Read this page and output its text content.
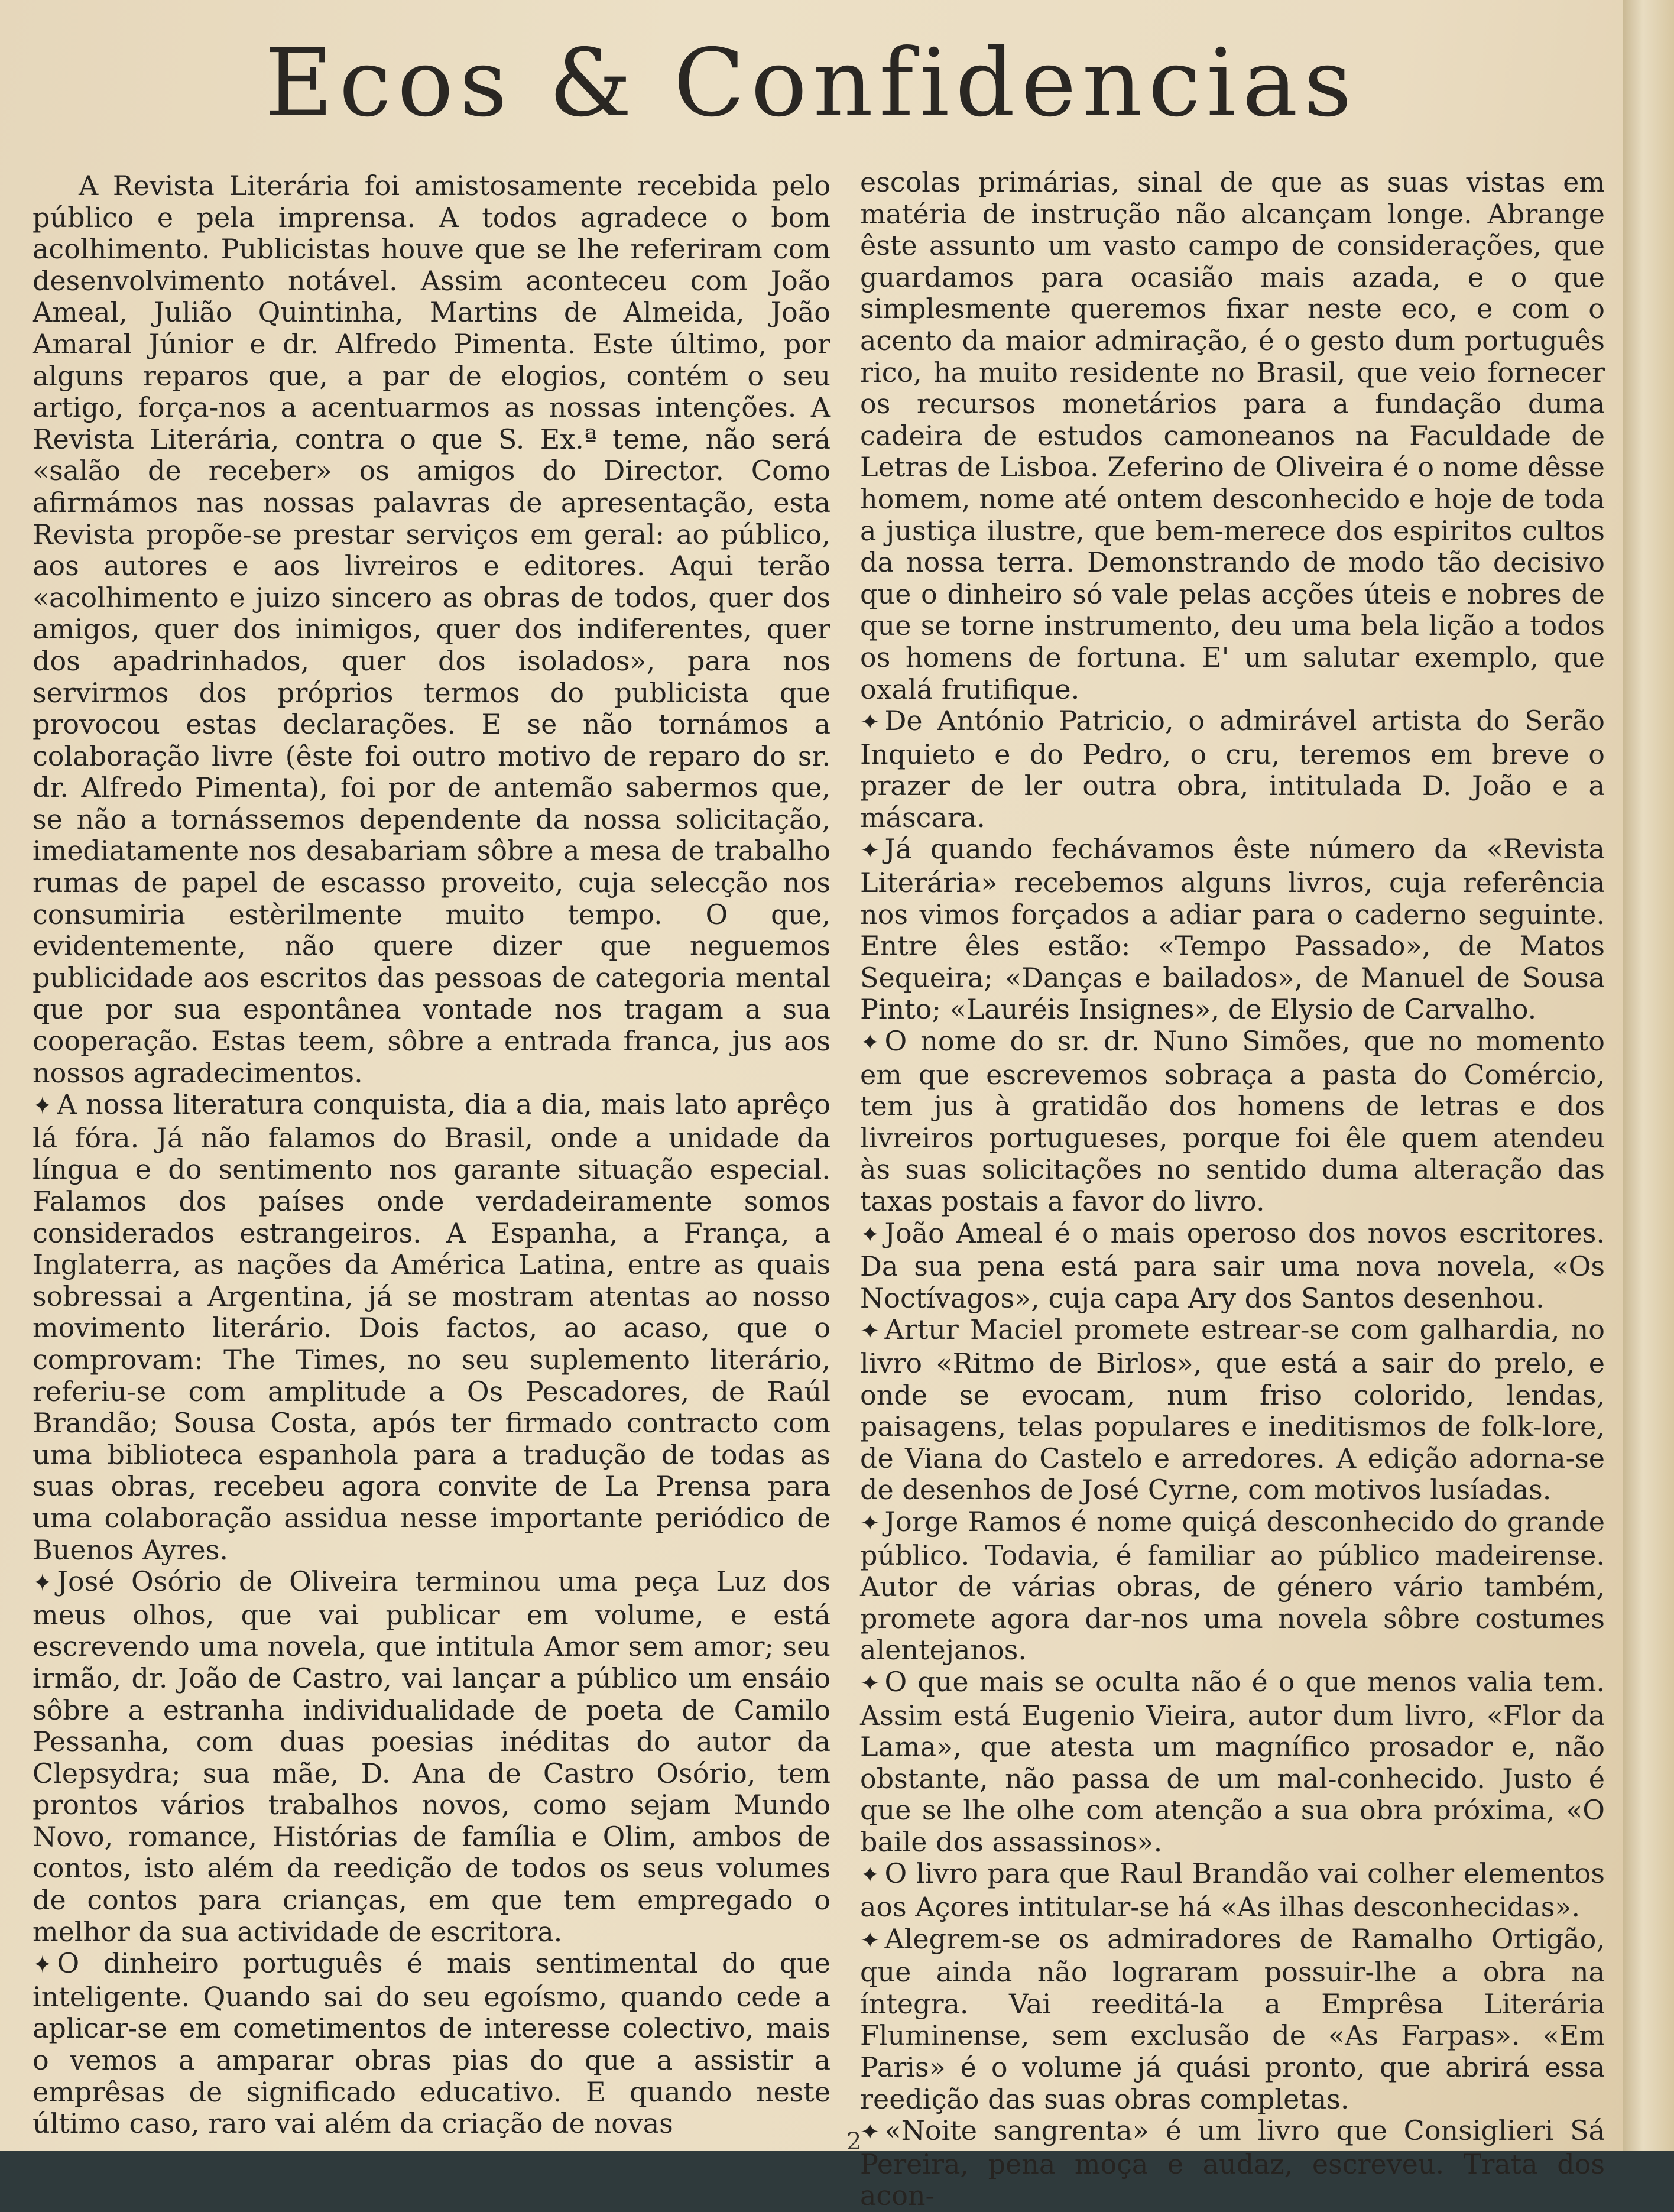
Ecos & Confidencias

A Revista Literária foi amistosamente recebida pelo público e pela imprensa. A todos agradece o bom acolhimento. Publicistas houve que se lhe referiram com desenvolvimento notável. Assim aconteceu com João Ameal, Julião Quintinha, Martins de Almeida, João Amaral Júnior e dr. Alfredo Pimenta. Este último, por alguns reparos que, a par de elogios, contém o seu artigo, força-nos a acentuarmos as nossas intenções. A Revista Literária, contra o que S. Ex.ª teme, não será «salão de receber» os amigos do Director. Como afirmámos nas nossas palavras de apresentação, esta Revista propõe-se prestar serviços em geral: ao público, aos autores e aos livreiros e editores. Aqui terão «acolhimento e juizo sincero as obras de todos, quer dos amigos, quer dos inimigos, quer dos indiferentes, quer dos apadrinhados, quer dos isolados», para nos servirmos dos próprios termos do publicista que provocou estas declarações. E se não tornámos a colaboração livre (êste foi outro motivo de reparo do sr. dr. Alfredo Pimenta), foi por de antemão sabermos que, se não a tornássemos dependente da nossa solicitação, imediatamente nos desabariam sôbre a mesa de trabalho rumas de papel de escasso proveito, cuja selecção nos consumiria estèrilmente muito tempo. O que, evidentemente, não quere dizer que neguemos publicidade aos escritos das pessoas de categoria mental que por sua espontânea vontade nos tragam a sua cooperação. Estas teem, sôbre a entrada franca, jus aos nossos agradecimentos.

✦ A nossa literatura conquista, dia a dia, mais lato aprêço lá fóra. Já não falamos do Brasil, onde a unidade da língua e do sentimento nos garante situação especial. Falamos dos países onde verdadeiramente somos considerados estrangeiros. A Espanha, a França, a Inglaterra, as nações da América Latina, entre as quais sobressai a Argentina, já se mostram atentas ao nosso movimento literário. Dois factos, ao acaso, que o comprovam: The Times, no seu suplemento literário, referiu-se com amplitude a Os Pescadores, de Raúl Brandão; Sousa Costa, após ter firmado contracto com uma biblioteca espanhola para a tradução de todas as suas obras, recebeu agora convite de La Prensa para uma colaboração assidua nesse importante periódico de Buenos Ayres.

✦ José Osório de Oliveira terminou uma peça Luz dos meus olhos, que vai publicar em volume, e está escrevendo uma novela, que intitula Amor sem amor; seu irmão, dr. João de Castro, vai lançar a público um ensáio sôbre a estranha individualidade de poeta de Camilo Pessanha, com duas poesias inéditas do autor da Clepsydra; sua mãe, D. Ana de Castro Osório, tem prontos vários trabalhos novos, como sejam Mundo Novo, romance, Histórias de família e Olim, ambos de contos, isto além da reedição de todos os seus volumes de contos para crianças, em que tem empregado o melhor da sua actividade de escritora.

✦ O dinheiro português é mais sentimental do que inteligente. Quando sai do seu egoísmo, quando cede a aplicar-se em cometimentos de interesse colectivo, mais o vemos a amparar obras pias do que a assistir a emprêsas de significado educativo. E quando neste último caso, raro vai além da criação de novas

escolas primárias, sinal de que as suas vistas em matéria de instrução não alcançam longe. Abrange êste assunto um vasto campo de considerações, que guardamos para ocasião mais azada, e o que simplesmente queremos fixar neste eco, e com o acento da maior admiração, é o gesto dum português rico, ha muito residente no Brasil, que veio fornecer os recursos monetários para a fundação duma cadeira de estudos camoneanos na Faculdade de Letras de Lisboa. Zeferino de Oliveira é o nome dêsse homem, nome até ontem desconhecido e hoje de toda a justiça ilustre, que bem-merece dos espiritos cultos da nossa terra. Demonstrando de modo tão decisivo que o dinheiro só vale pelas acções úteis e nobres de que se torne instrumento, deu uma bela lição a todos os homens de fortuna. E' um salutar exemplo, que oxalá frutifique.

✦ De António Patricio, o admirável artista do Serão Inquieto e do Pedro, o cru, teremos em breve o prazer de ler outra obra, intitulada D. João e a máscara.

✦ Já quando fechávamos êste número da «Revista Literária» recebemos alguns livros, cuja referência nos vimos forçados a adiar para o caderno seguinte. Entre êles estão: «Tempo Passado», de Matos Sequeira; «Danças e bailados», de Manuel de Sousa Pinto; «Lauréis Insignes», de Elysio de Carvalho.

✦ O nome do sr. dr. Nuno Simões, que no momento em que escrevemos sobraça a pasta do Comércio, tem jus à gratidão dos homens de letras e dos livreiros portugueses, porque foi êle quem atendeu às suas solicitações no sentido duma alteração das taxas postais a favor do livro.

✦ João Ameal é o mais operoso dos novos escritores. Da sua pena está para sair uma nova novela, «Os Noctívagos», cuja capa Ary dos Santos desenhou.

✦ Artur Maciel promete estrear-se com galhardia, no livro «Ritmo de Birlos», que está a sair do prelo, e onde se evocam, num friso colorido, lendas, paisagens, telas populares e ineditismos de folk-lore, de Viana do Castelo e arredores. A edição adorna-se de desenhos de José Cyrne, com motivos lusíadas.

✦ Jorge Ramos é nome quiçá desconhecido do grande público. Todavia, é familiar ao público madeirense. Autor de várias obras, de género vário também, promete agora dar-nos uma novela sôbre costumes alentejanos.

✦ O que mais se oculta não é o que menos valia tem. Assim está Eugenio Vieira, autor dum livro, «Flor da Lama», que atesta um magnífico prosador e, não obstante, não passa de um mal-conhecido. Justo é que se lhe olhe com atenção a sua obra próxima, «O baile dos assassinos».

✦ O livro para que Raul Brandão vai colher elementos aos Açores intitular-se há «As ilhas desconhecidas».

✦ Alegrem-se os admiradores de Ramalho Ortigão, que ainda não lograram possuir-lhe a obra na íntegra. Vai reeditá-la a Emprêsa Literária Fluminense, sem exclusão de «As Farpas». «Em Paris» é o volume já quási pronto, que abrirá essa reedição das suas obras completas.

✦ «Noite sangrenta» é um livro que Consiglieri Sá Pereira, pena moça e audaz, escreveu. Trata dos acon-

2
